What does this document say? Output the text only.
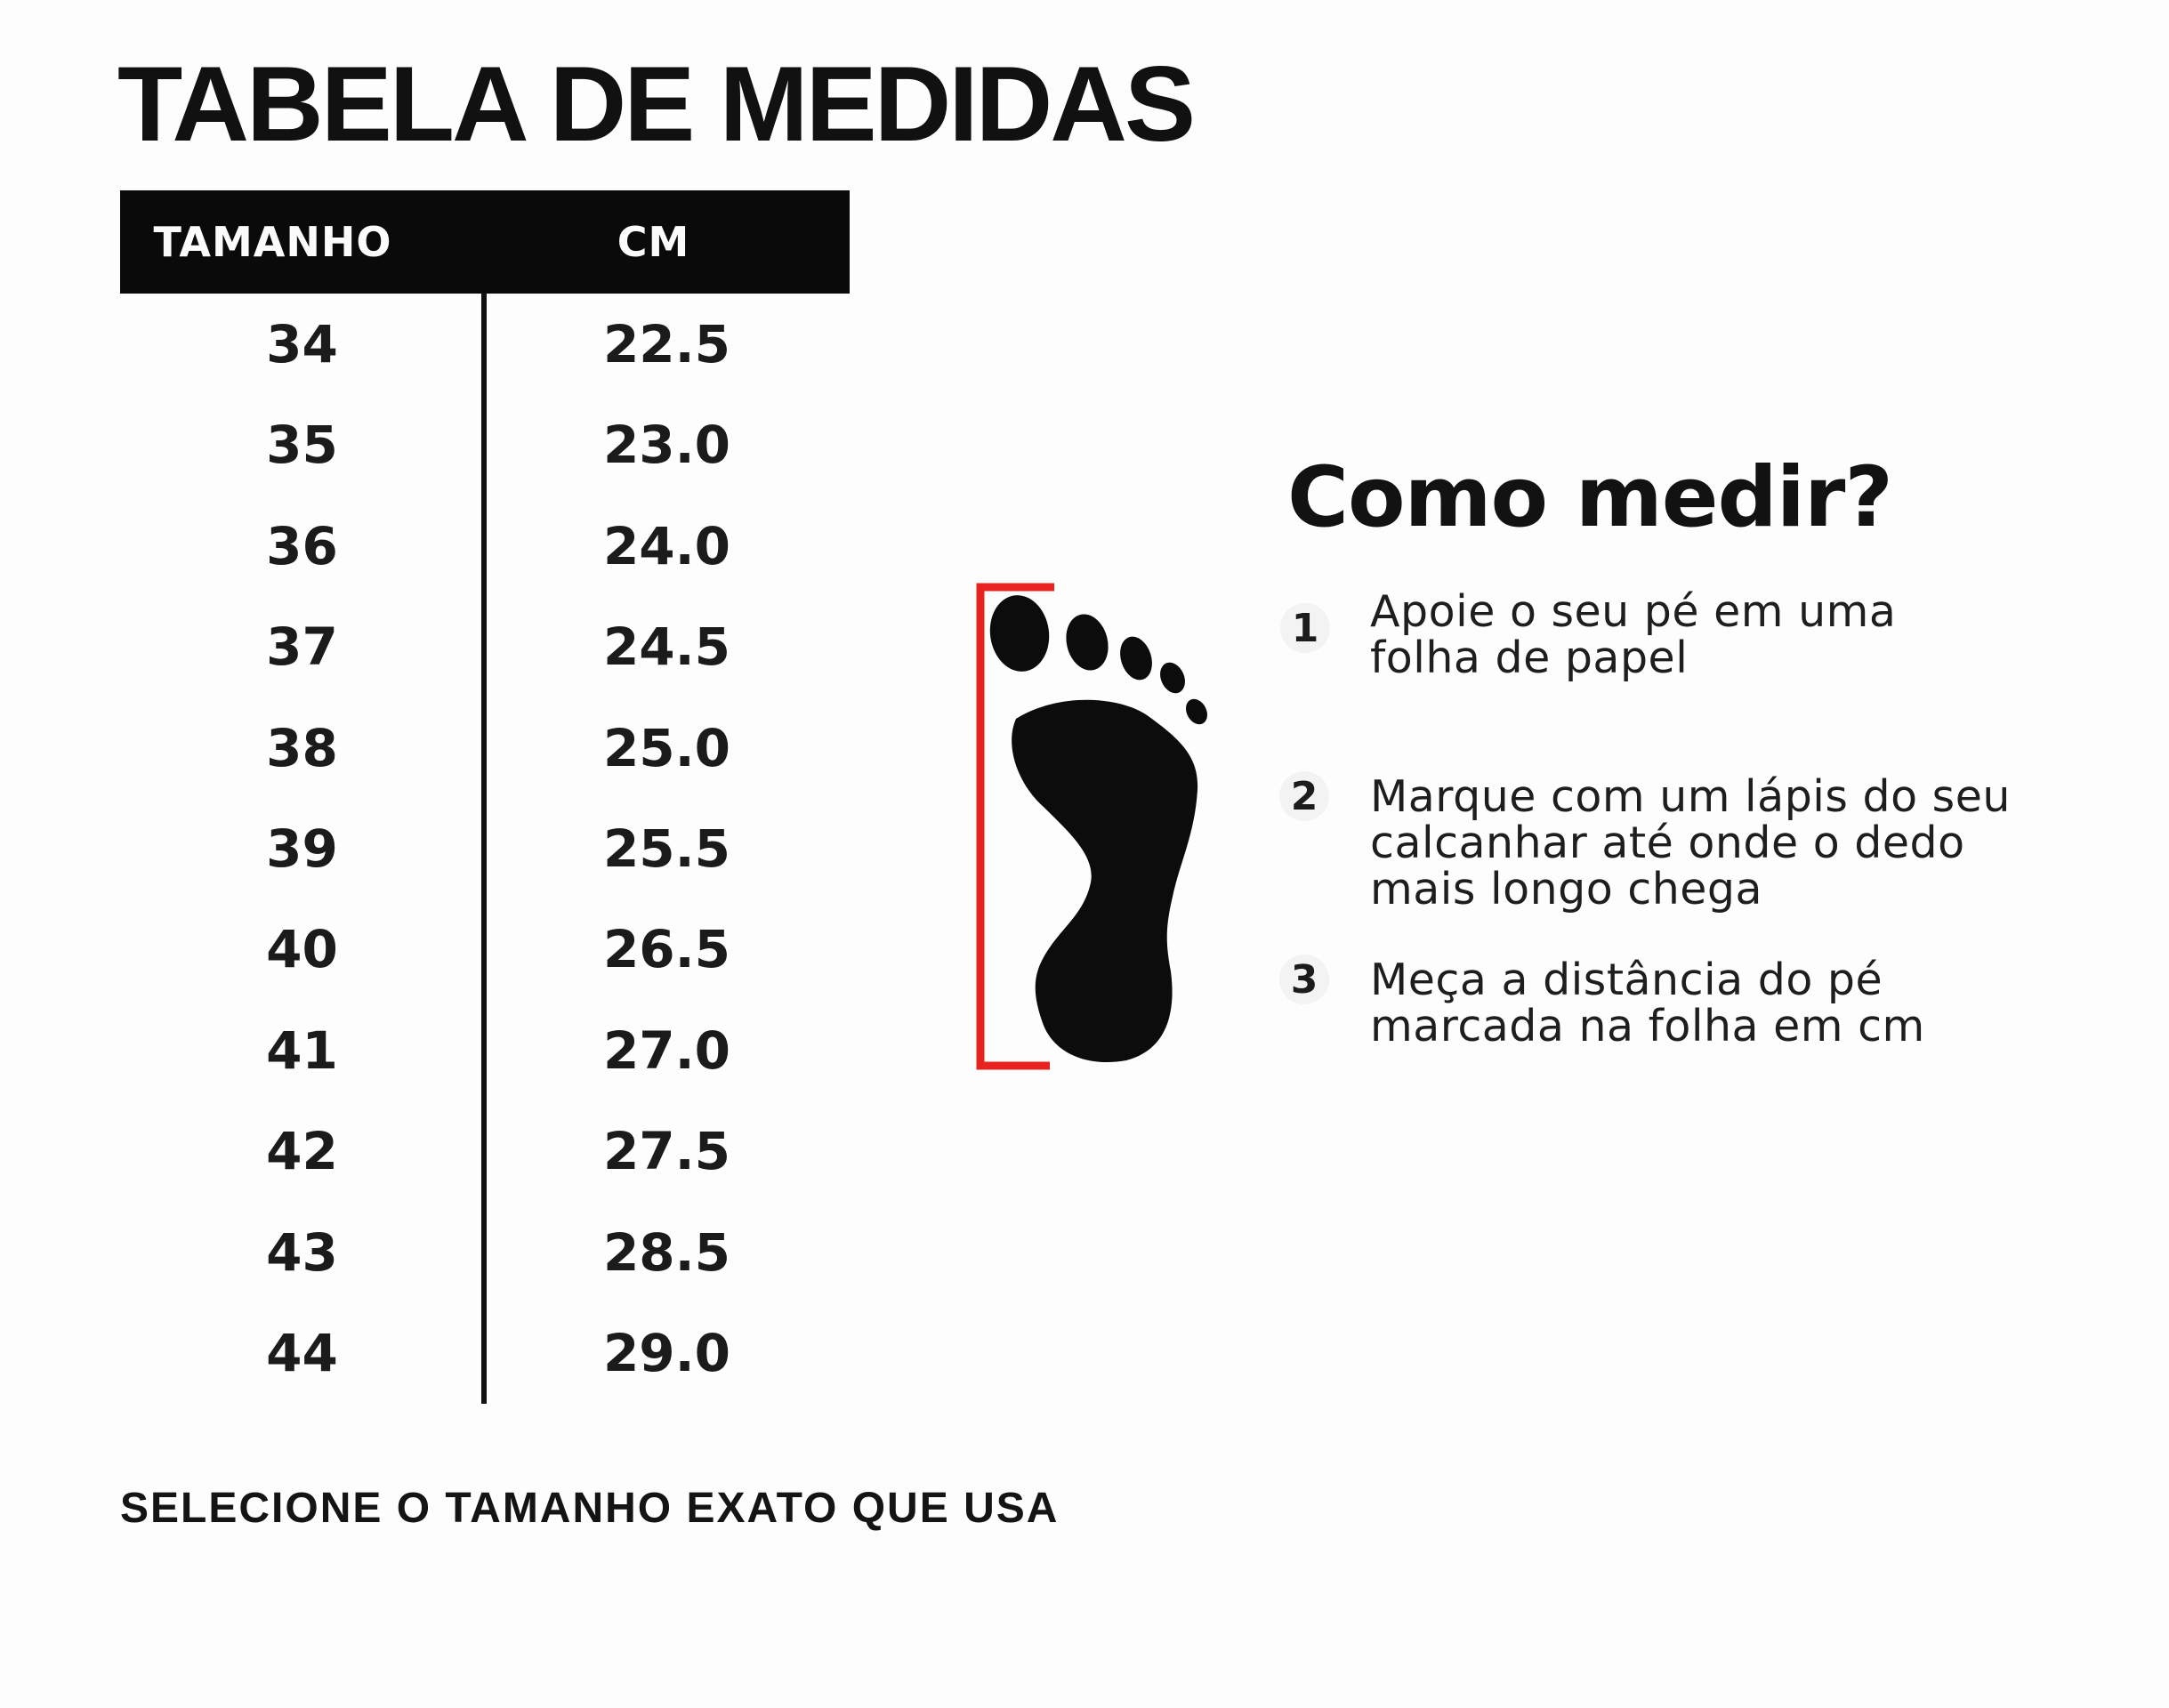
TABELA DE MEDIDAS
TAMANHO	CM
34	22.5
35	23.0
36	24.0
37	24.5
38	25.0
39	25.5
40	26.5
41	27.0
42	27.5
43	28.5
44	29.0
SELECIONE O TAMANHO EXATO QUE USA
Como medir?
1 Apoie o seu pé em uma
folha de papel
2 Marque com um lápis do seu
calcanhar até onde o dedo
mais longo chega
3 Meça a distância do pé
marcada na folha em cm
